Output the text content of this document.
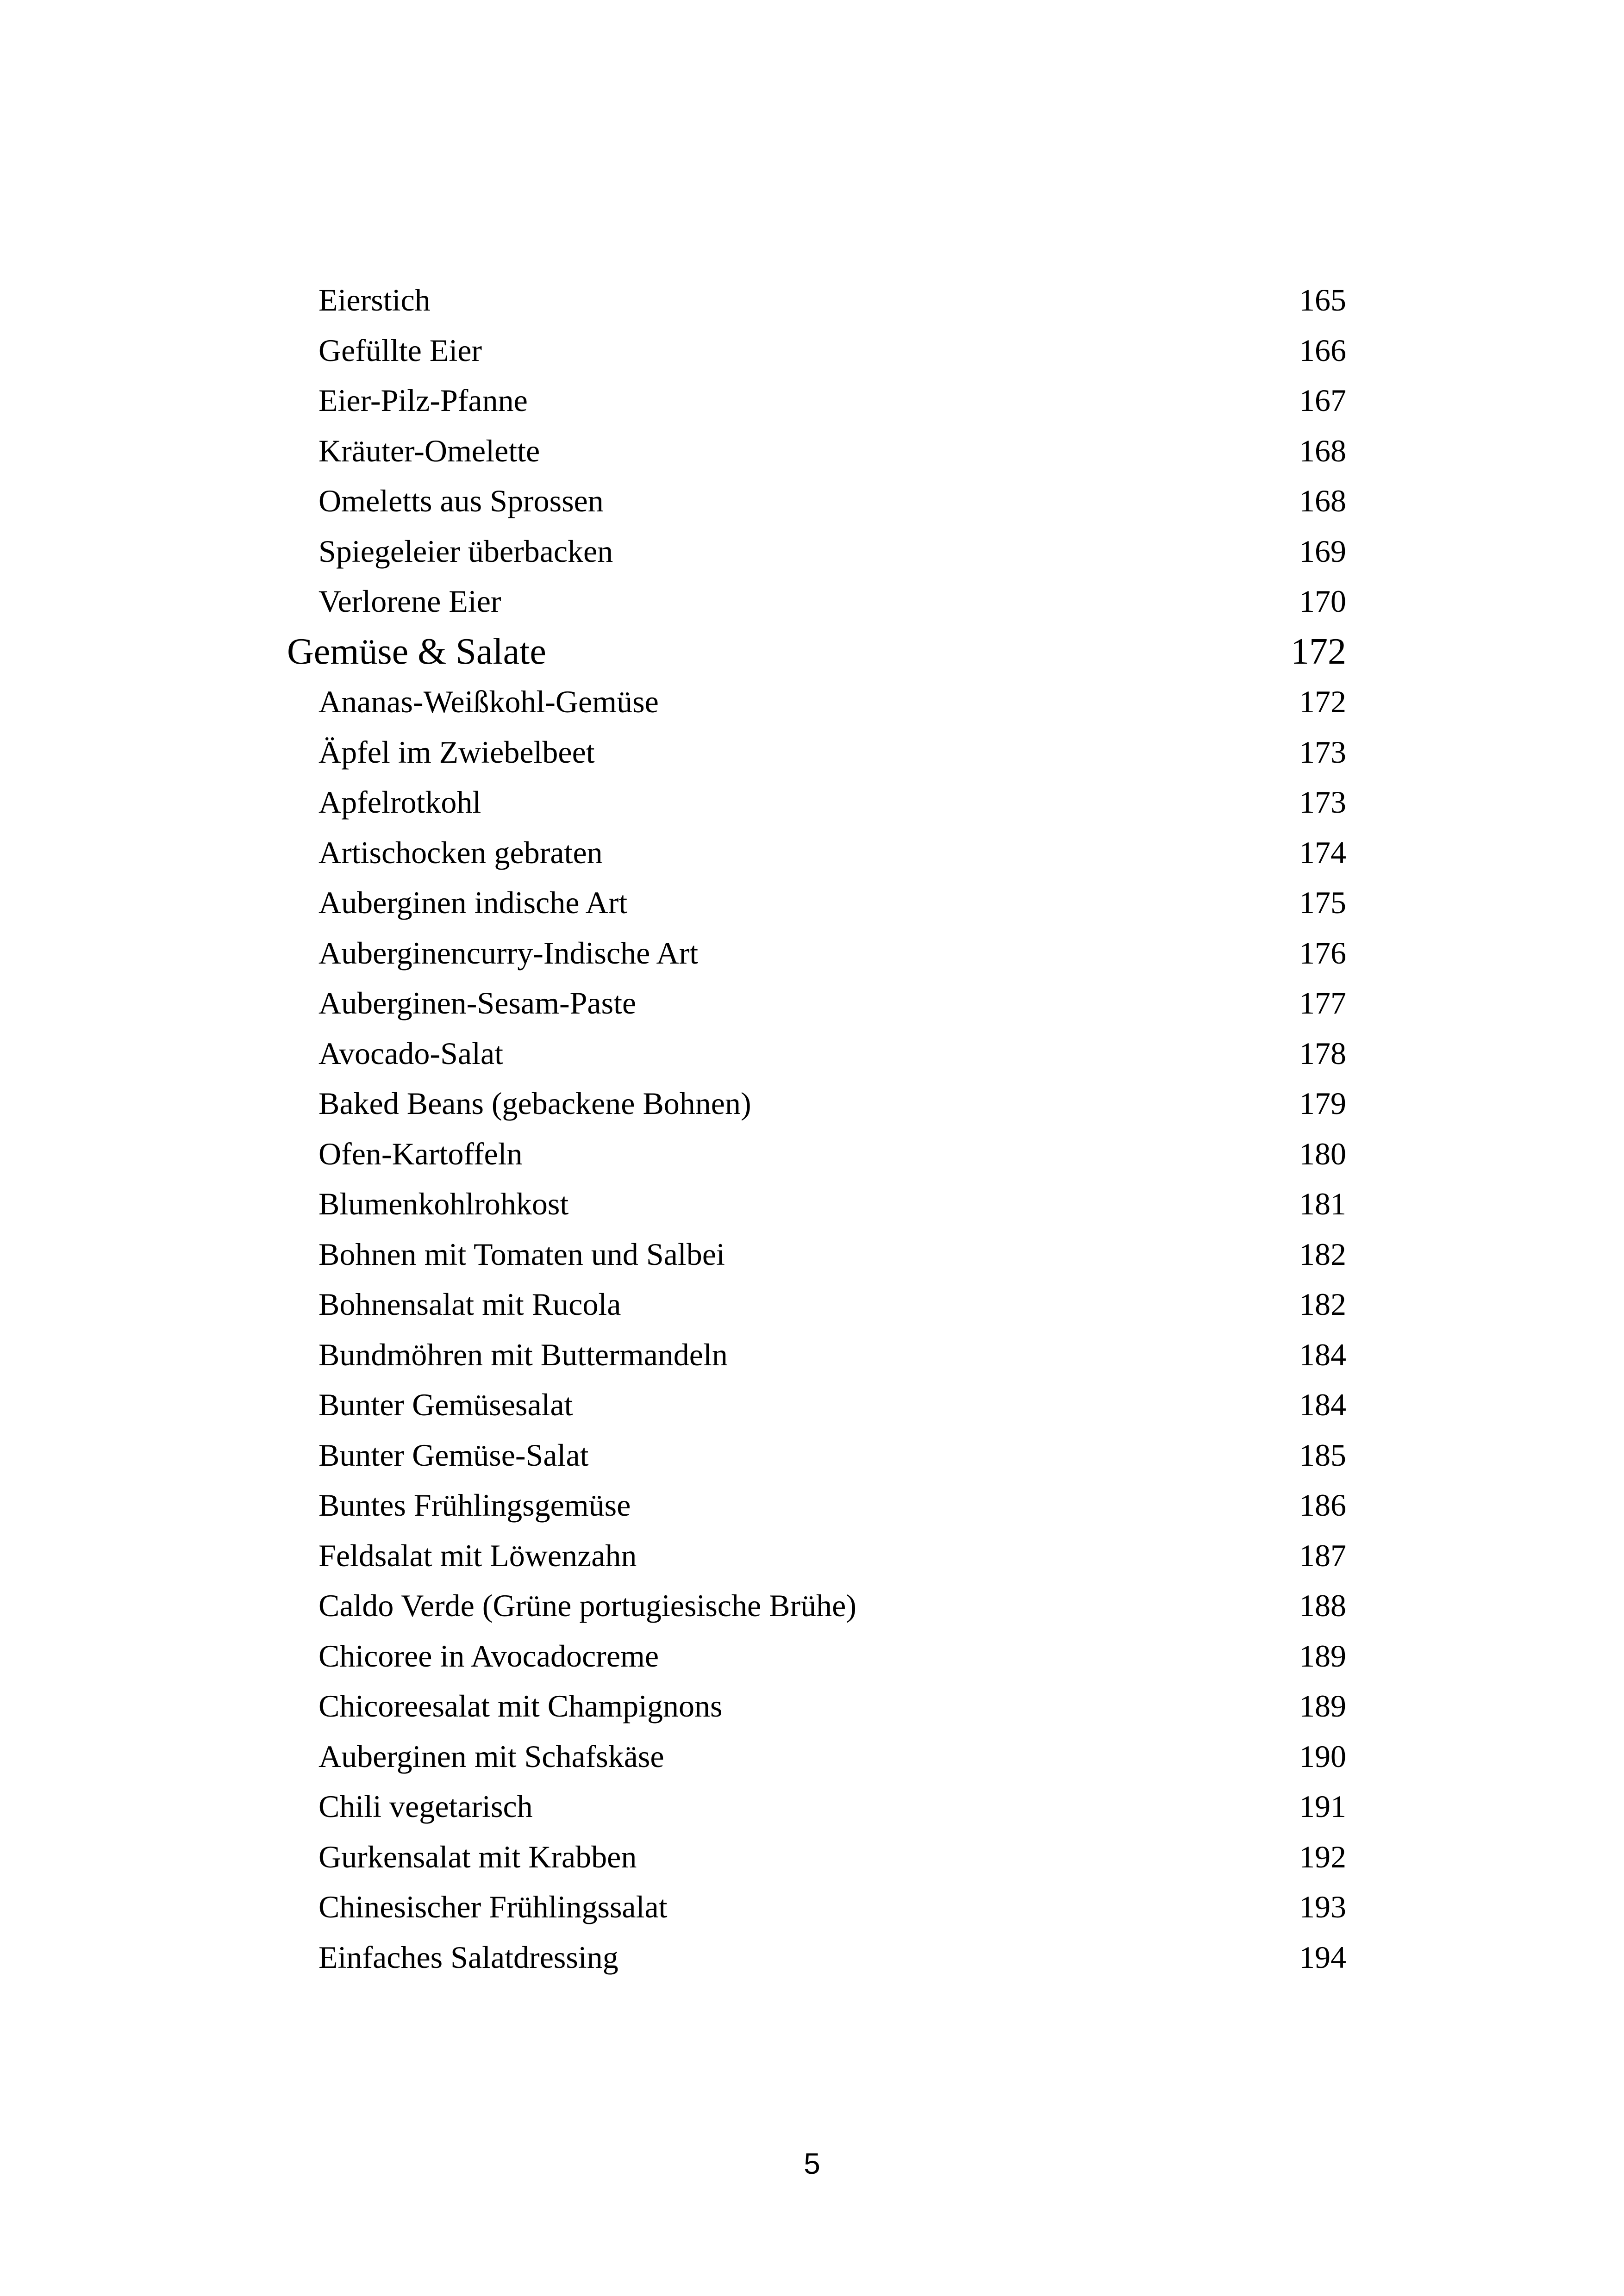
Eierstich	165
Gefüllte Eier	166
Eier-Pilz-Pfanne	167
Kräuter-Omelette	168
Omeletts aus Sprossen	168
Spiegeleier überbacken	169
Verlorene Eier	170
Gemüse & Salate	172
Ananas-Weißkohl-Gemüse	172
Äpfel im Zwiebelbeet	173
Apfelrotkohl	173
Artischocken gebraten	174
Auberginen indische Art	175
Auberginencurry-Indische Art	176
Auberginen-Sesam-Paste	177
Avocado-Salat	178
Baked Beans (gebackene Bohnen)	179
Ofen-Kartoffeln	180
Blumenkohlrohkost	181
Bohnen mit Tomaten und Salbei	182
Bohnensalat mit Rucola	182
Bundmöhren mit Buttermandeln	184
Bunter Gemüsesalat	184
Bunter Gemüse-Salat	185
Buntes Frühlingsgemüse	186
Feldsalat mit Löwenzahn	187
Caldo Verde (Grüne portugiesische Brühe)	188
Chicoree in Avocadocreme	189
Chicoreesalat mit Champignons	189
Auberginen mit Schafskäse	190
Chili vegetarisch	191
Gurkensalat mit Krabben	192
Chinesischer Frühlingssalat	193
Einfaches Salatdressing	194
5
